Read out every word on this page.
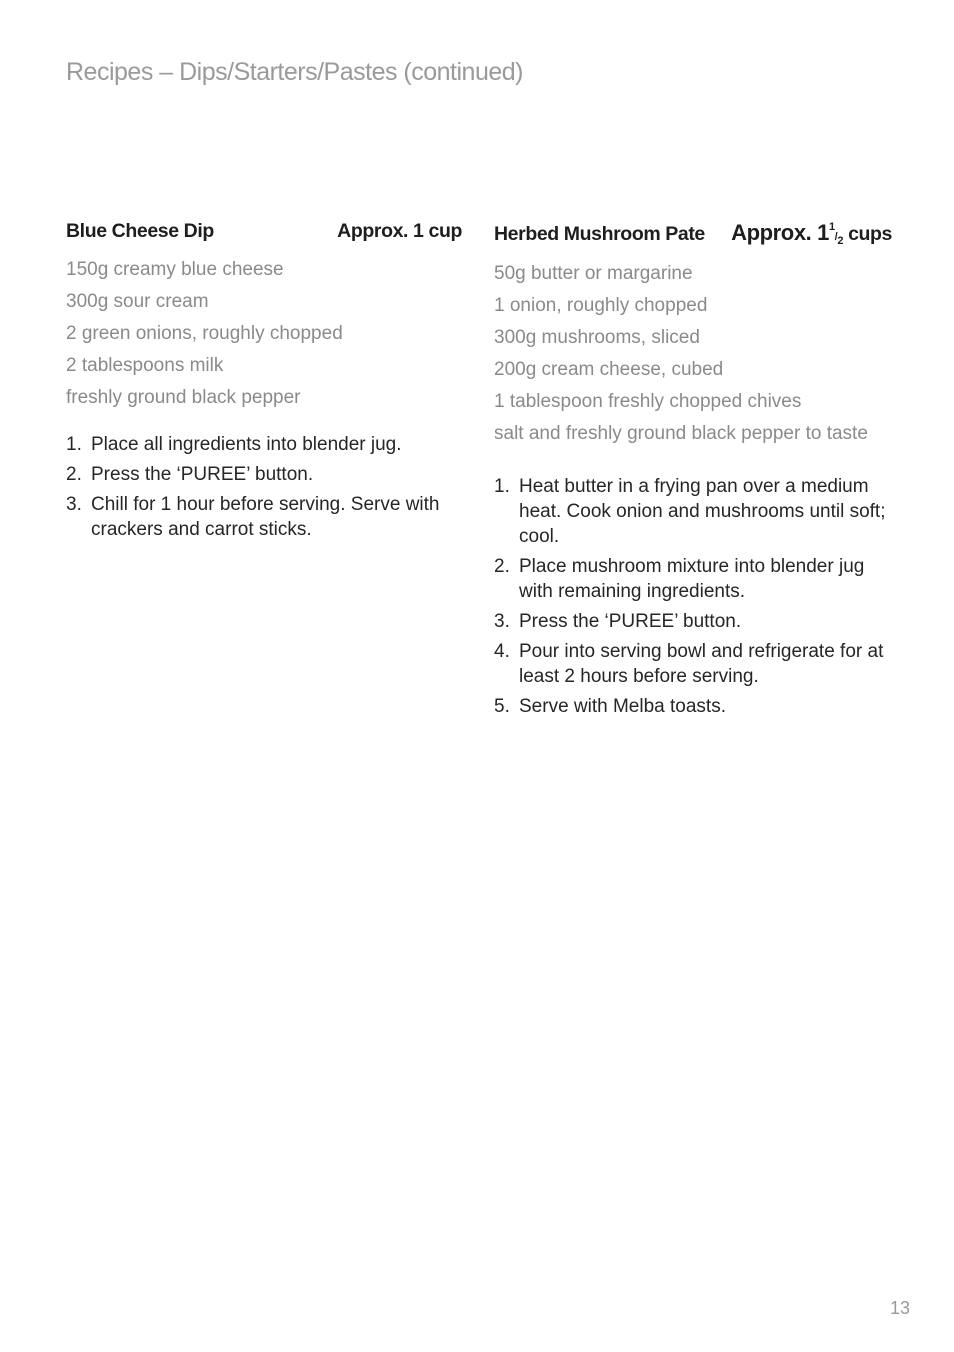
Recipes – Dips/Starters/Pastes (continued)
Blue Cheese Dip	Approx. 1 cup
150g creamy blue cheese
300g sour cream
2 green onions, roughly chopped
2 tablespoons milk
freshly ground black pepper
1. Place all ingredients into blender jug.
2. Press the ‘PUREE’ button.
3. Chill for 1 hour before serving. Serve with crackers and carrot sticks.
Herbed Mushroom Pate Approx. $1^1/_2$ cups
50g butter or margarine
1 onion, roughly chopped
300g mushrooms, sliced
200g cream cheese, cubed
1 tablespoon freshly chopped chives
salt and freshly ground black pepper to taste
1. Heat butter in a frying pan over a medium heat. Cook onion and mushrooms until soft; cool.
2. Place mushroom mixture into blender jug with remaining ingredients.
3. Press the ‘PUREE’ button.
4. Pour into serving bowl and refrigerate for at least 2 hours before serving.
5. Serve with Melba toasts.
13
